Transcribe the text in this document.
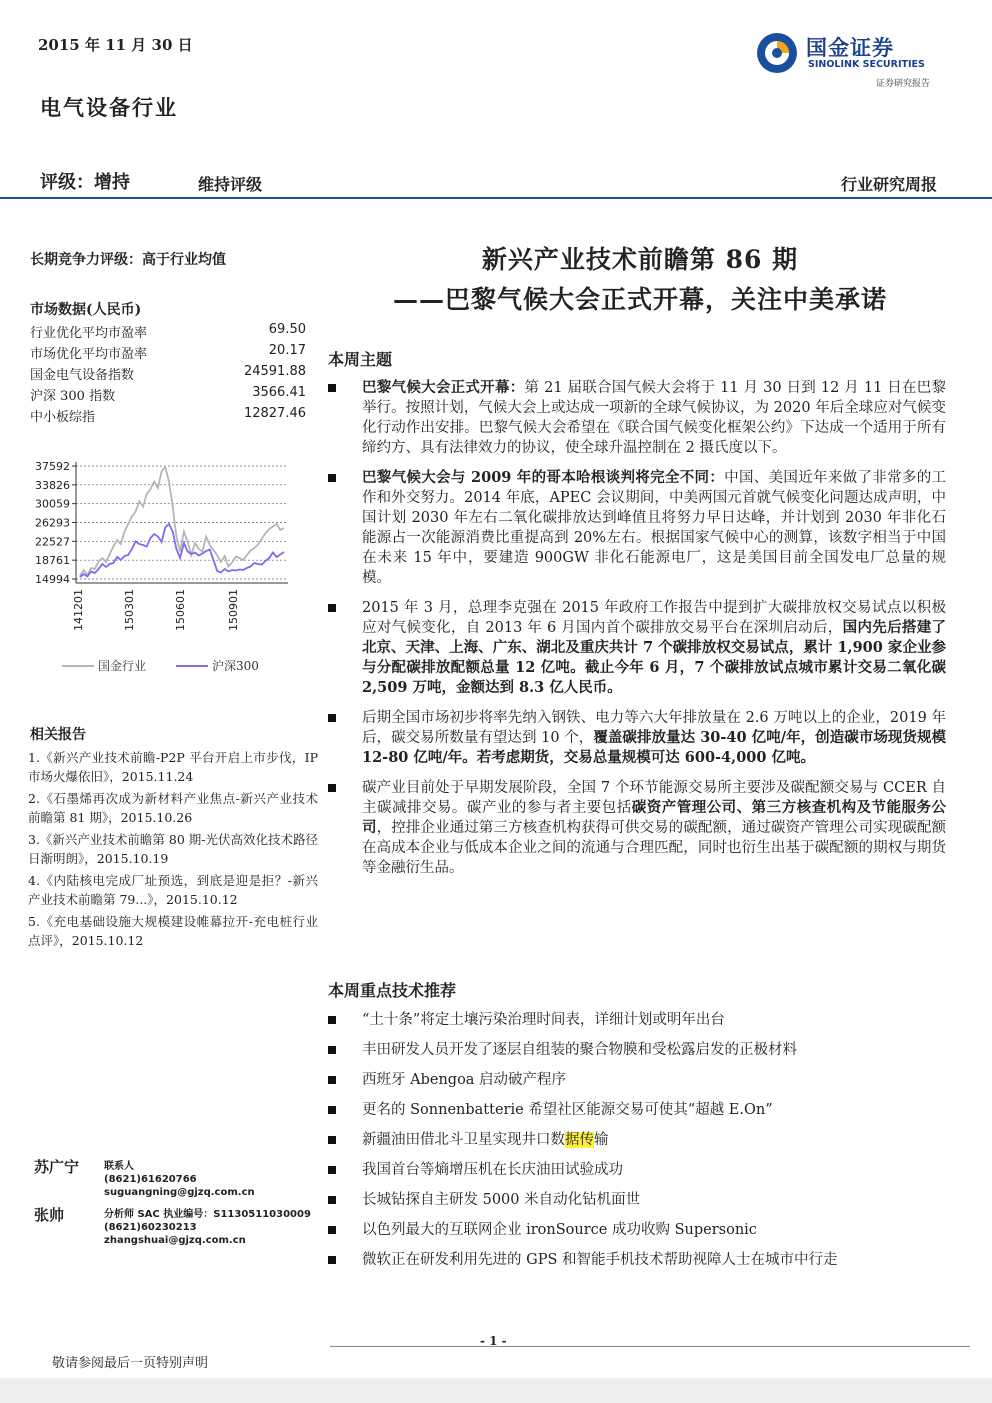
2015 年 11 月 30 日
电气设备行业
国金证券
SINOLINK SECURITIES
证券研究报告
评级：增持	维持评级	行业研究周报
长期竞争力评级：高于行业均值
市场数据(人民币)
行业优化平均市盈率	69.50
市场优化平均市盈率	20.17
国金电气设备指数	24591.88
沪深 300 指数	3566.41
中小板综指	12827.46
37592
33826
30059
26293
22527
18761
14994
141201	150301	150601	150901
国金行业	沪深300
相关报告
1.《新兴产业技术前瞻-P2P 平台开启上市步伐，IP 市场火爆依旧》，2015.11.24
2.《石墨烯再次成为新材料产业焦点-新兴产业技术前瞻第 81 期》，2015.10.26
3.《新兴产业技术前瞻第 80 期-光伏高效化技术路径日渐明朗》，2015.10.19
4.《内陆核电完成厂址预选，到底是迎是拒？-新兴产业技术前瞻第 79...》，2015.10.12
5.《充电基础设施大规模建设帷幕拉开-充电桩行业点评》，2015.10.12
苏广宁 联系人
(8621)61620766
suguangning@gjzq.com.cn
张帅	分析师 SAC 执业编号：S1130511030009
(8621)60230213
zhangshuai@gjzq.com.cn
新兴产业技术前瞻第 86 期
——巴黎气候大会正式开幕，关注中美承诺
本周主题
巴黎气候大会正式开幕：第 21 届联合国气候大会将于 11 月 30 日到 12 月 11 日在巴黎举行。按照计划，气候大会上或达成一项新的全球气候协议，为 2020 年后全球应对气候变化行动作出安排。巴黎气候大会希望在《联合国气候变化框架公约》下达成一个适用于所有缔约方、具有法律效力的协议，使全球升温控制在 2 摄氏度以下。
巴黎气候大会与 2009 年的哥本哈根谈判将完全不同：中国、美国近年来做了非常多的工作和外交努力。2014 年底，APEC 会议期间，中美两国元首就气候变化问题达成声明，中国计划 2030 年左右二氧化碳排放达到峰值且将努力早日达峰，并计划到 2030 年非化石能源占一次能源消费比重提高到 20%左右。根据国家气候中心的测算，该数字相当于中国在未来 15 年中，要建造 900GW 非化石能源电厂，这是美国目前全国发电厂总量的规模。
2015 年 3 月，总理李克强在 2015 年政府工作报告中提到扩大碳排放权交易试点以积极应对气候变化，自 2013 年 6 月国内首个碳排放交易平台在深圳启动后，国内先后搭建了北京、天津、上海、广东、湖北及重庆共计 7 个碳排放权交易试点，累计 1,900 家企业参与分配碳排放配额总量 12 亿吨。截止今年 6 月，7 个碳排放试点城市累计交易二氧化碳 2,509 万吨，金额达到 8.3 亿人民币。
后期全国市场初步将率先纳入钢铁、电力等六大年排放量在 2.6 万吨以上的企业，2019 年后，碳交易所数量有望达到 10 个，覆盖碳排放量达 30-40 亿吨/年，创造碳市场现货规模 12-80 亿吨/年。若考虑期货，交易总量规模可达 600-4,000 亿吨。
碳产业目前处于早期发展阶段，全国 7 个环节能源交易所主要涉及碳配额交易与 CCER 自主碳减排交易。碳产业的参与者主要包括碳资产管理公司、第三方核查机构及节能服务公司，控排企业通过第三方核查机构获得可供交易的碳配额，通过碳资产管理公司实现碳配额在高成本企业与低成本企业之间的流通与合理匹配，同时也衍生出基于碳配额的期权与期货等金融衍生品。
本周重点技术推荐
“土十条”将定土壤污染治理时间表，详细计划或明年出台
丰田研发人员开发了逐层自组装的聚合物膜和受松露启发的正极材料
西班牙 Abengoa 启动破产程序
更名的 Sonnenbatterie 希望社区能源交易可使其“超越 E.On”
新疆油田借北斗卫星实现井口数据传输
我国首台等熵增压机在长庆油田试验成功
长城钻探自主研发 5000 米自动化钻机面世
以色列最大的互联网企业 ironSource 成功收购 Supersonic
微软正在研发利用先进的 GPS 和智能手机技术帮助视障人士在城市中行走
- 1 -
敬请参阅最后一页特别声明
